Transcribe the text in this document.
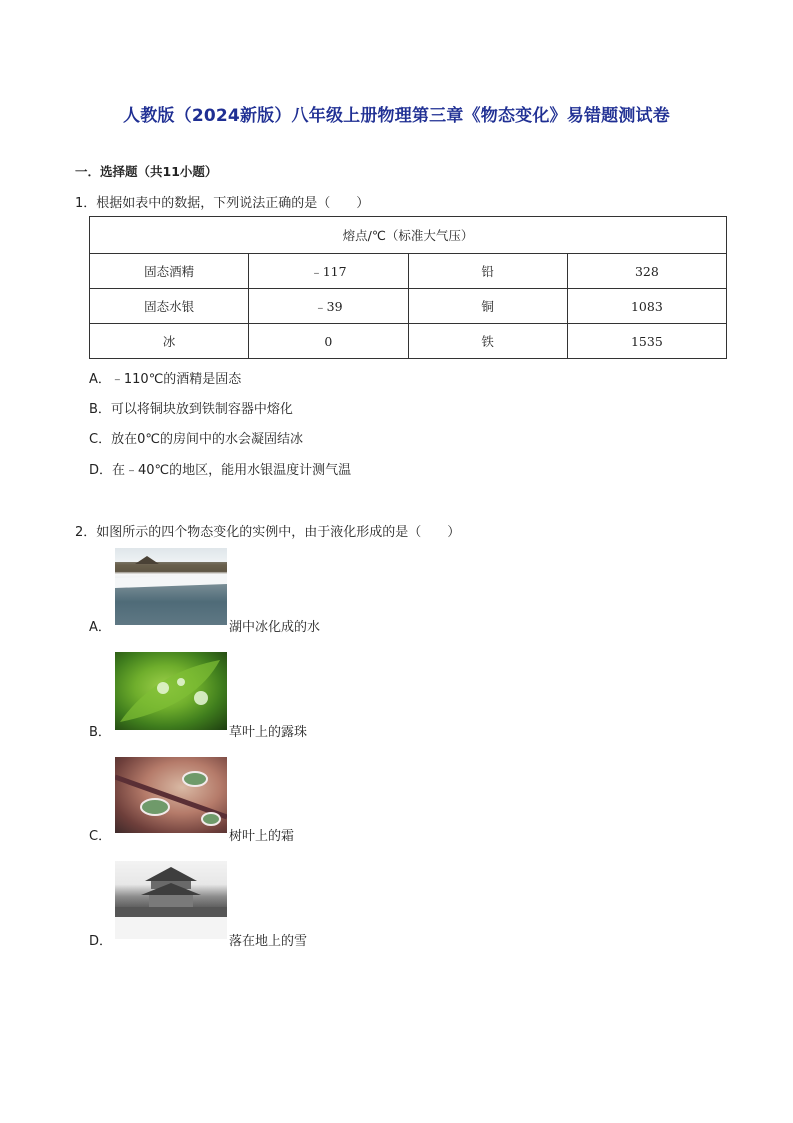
人教版（2024新版）八年级上册物理第三章《物态变化》易错题测试卷
一．选择题（共11小题）
1．根据如表中的数据，下列说法正确的是（　　）
熔点/℃（标准大气压）			
固态酒精	﹣117	铅	328
固态水银	﹣39	铜	1083
冰	0	铁	1535
A．﹣110℃的酒精是固态
B．可以将铜块放到铁制容器中熔化
C．放在0℃的房间中的水会凝固结冰
D．在﹣40℃的地区，能用水银温度计测气温
2．如图所示的四个物态变化的实例中，由于液化形成的是（　　）
A．	湖中冰化成的水
B．	草叶上的露珠
C．	树叶上的霜
D．	落在地上的雪
